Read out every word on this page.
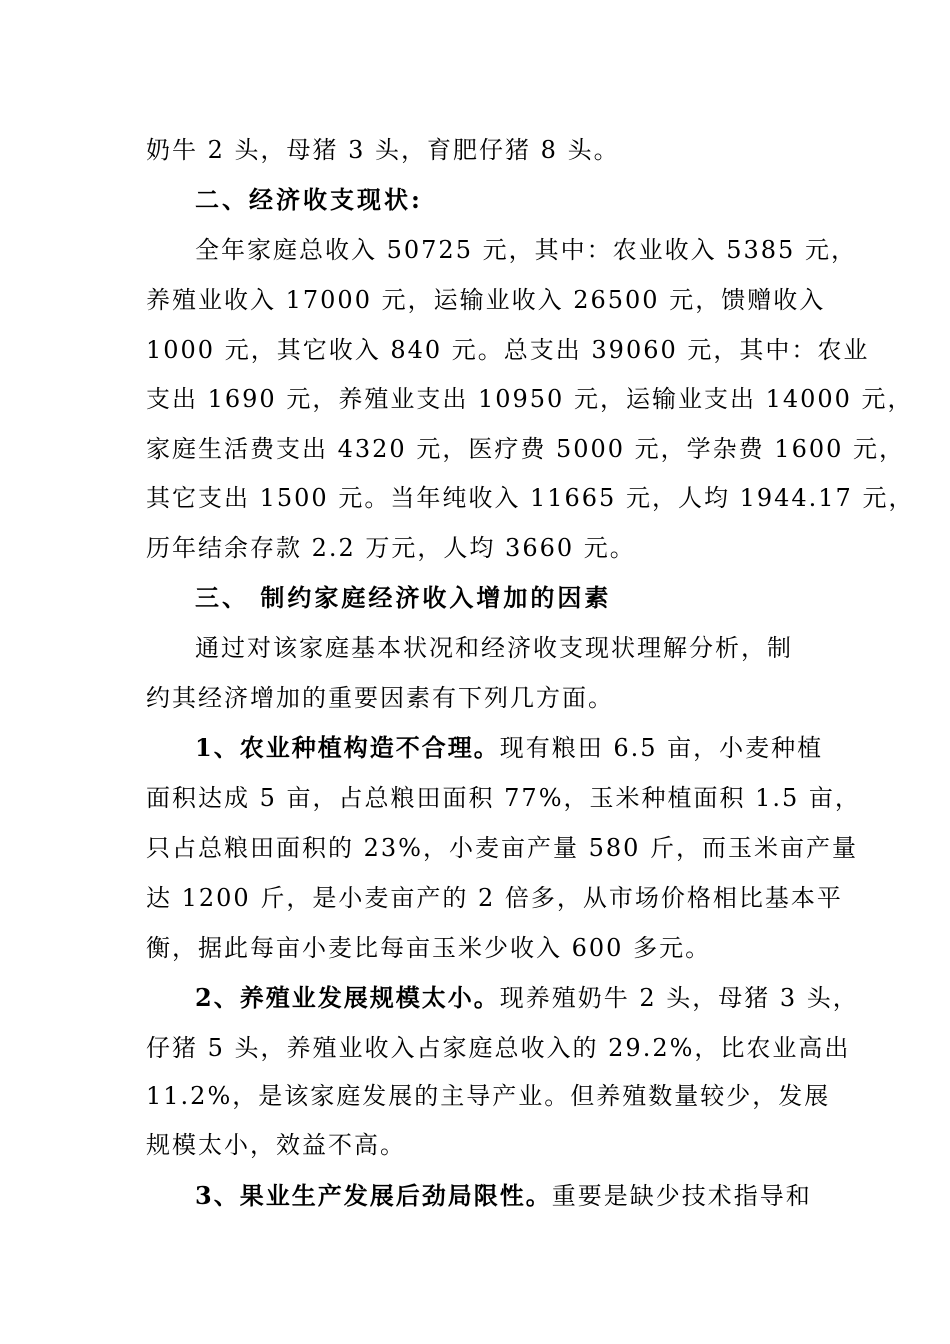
奶牛 2 头，母猪 3 头，育肥仔猪 8 头。
二、经济收支现状:
全年家庭总收入 50725 元，其中：农业收入 5385 元，
养殖业收入 17000 元，运输业收入 26500 元，馈赠收入
1000 元，其它收入 840 元。总支出 39060 元，其中：农业
支出 1690 元，养殖业支出 10950 元，运输业支出 14000 元，
家庭生活费支出 4320 元，医疗费 5000 元，学杂费 1600 元，
其它支出 1500 元。当年纯收入 11665 元，人均 1944.17 元，
历年结余存款 2.2 万元，人均 3660 元。
三、 制约家庭经济收入增加的因素
通过对该家庭基本状况和经济收支现状理解分析，制
约其经济增加的重要因素有下列几方面。
1、农业种植构造不合理。现有粮田 6.5 亩，小麦种植
面积达成 5 亩，占总粮田面积 77%，玉米种植面积 1.5 亩，
只占总粮田面积的 23%，小麦亩产量 580 斤，而玉米亩产量
达 1200 斤，是小麦亩产的 2 倍多，从市场价格相比基本平
衡，据此每亩小麦比每亩玉米少收入 600 多元。
2、养殖业发展规模太小。现养殖奶牛 2 头，母猪 3 头，
仔猪 5 头，养殖业收入占家庭总收入的 29.2%，比农业高出
11.2%，是该家庭发展的主导产业。但养殖数量较少，发展
规模太小，效益不高。
3、果业生产发展后劲局限性。重要是缺少技术指导和
